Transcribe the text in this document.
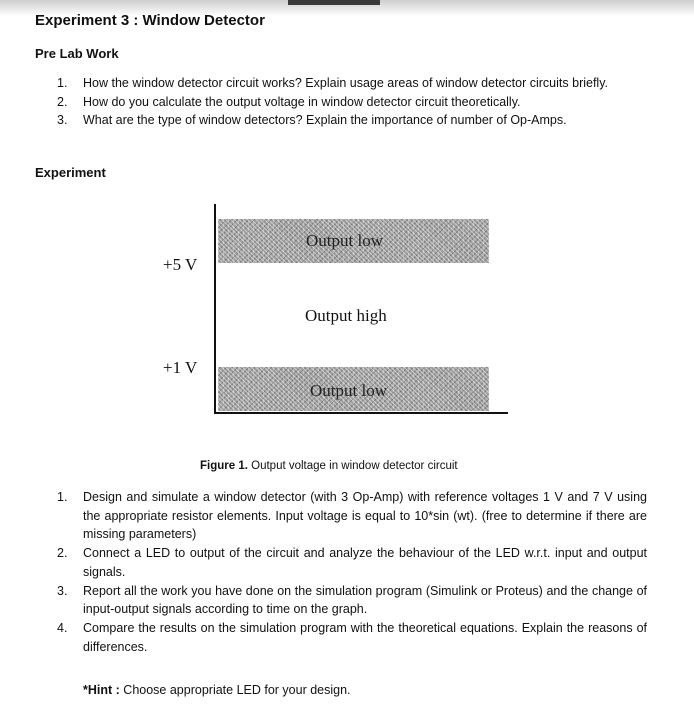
Experiment 3 : Window Detector
Pre Lab Work
1. How the window detector circuit works? Explain usage areas of window detector circuits briefly.
2. How do you calculate the output voltage in window detector circuit theoretically.
3. What are the type of window detectors? Explain the importance of number of Op-Amps.
Experiment
+5 V
+1 V
Output low
Output high
Output low
Figure 1. Output voltage in window detector circuit
1. Design and simulate a window detector (with 3 Op-Amp) with reference voltages 1 V and 7 V using the appropriate resistor elements. Input voltage is equal to 10*sin (wt). (free to determine if there are missing parameters)
2. Connect a LED to output of the circuit and analyze the behaviour of the LED w.r.t. input and output signals.
3. Report all the work you have done on the simulation program (Simulink or Proteus) and the change of input-output signals according to time on the graph.
4. Compare the results on the simulation program with the theoretical equations. Explain the reasons of differences.
*Hint : Choose appropriate LED for your design.
